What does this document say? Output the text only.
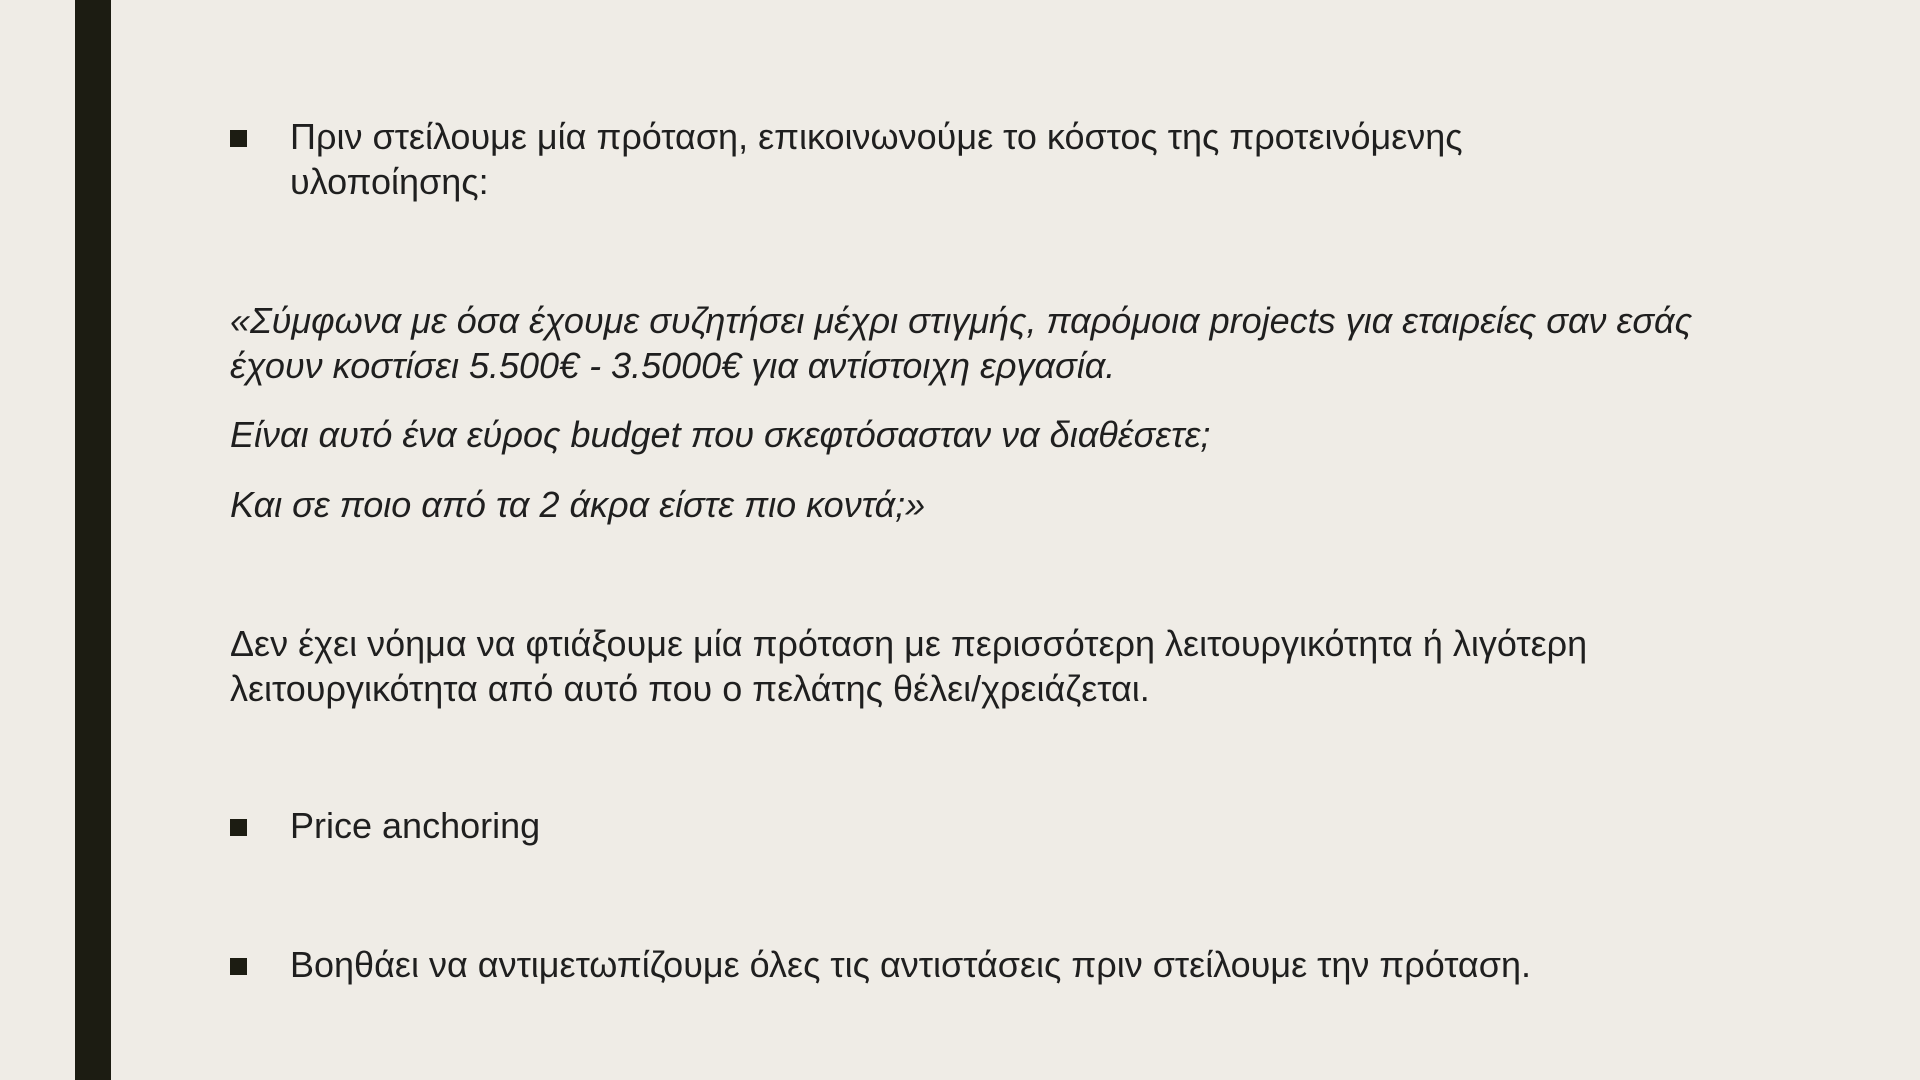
Πριν στείλουμε μία πρόταση, επικοινωνούμε το κόστος της προτεινόμενης υλοποίησης:

«Σύμφωνα με όσα έχουμε συζητήσει μέχρι στιγμής, παρόμοια projects για εταιρείες σαν εσάς έχουν κοστίσει 5.500€ - 3.5000€ για αντίστοιχη εργασία.

Είναι αυτό ένα εύρος budget που σκεφτόσασταν να διαθέσετε;

Και σε ποιο από τα 2 άκρα είστε πιο κοντά;»

Δεν έχει νόημα να φτιάξουμε μία πρόταση με περισσότερη λειτουργικότητα ή λιγότερη λειτουργικότητα από αυτό που ο πελάτης θέλει/χρειάζεται.

Price anchoring
Βοηθάει να αντιμετωπίζουμε όλες τις αντιστάσεις πριν στείλουμε την πρόταση.
